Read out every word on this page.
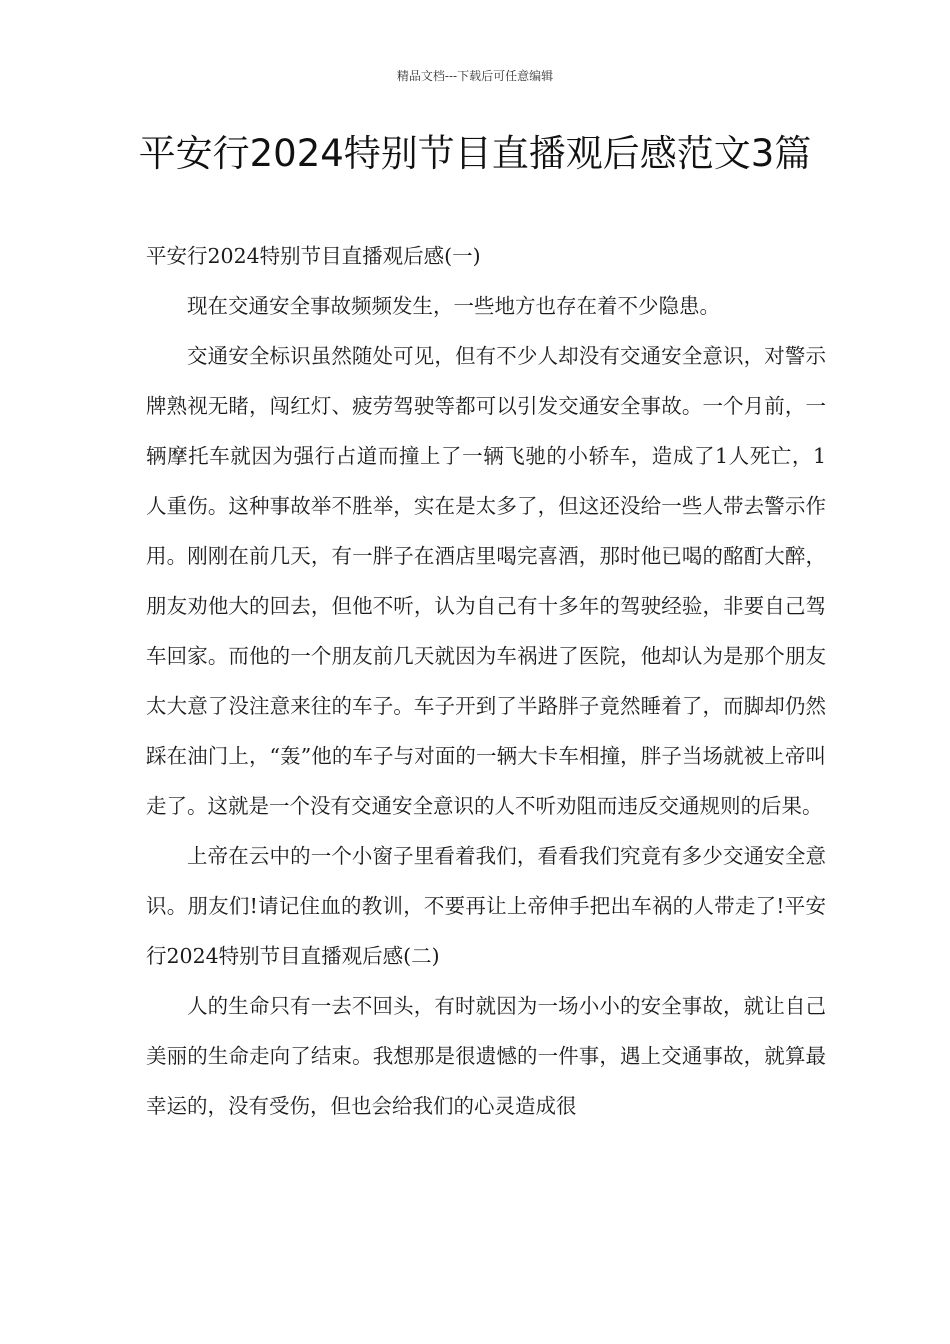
精品文档---下载后可任意编辑
平安行2024特别节目直播观后感范文3篇

平安行2024特别节目直播观后感(一)

现在交通安全事故频频发生，一些地方也存在着不少隐患。

交通安全标识虽然随处可见，但有不少人却没有交通安全意识，对警示牌熟视无睹，闯红灯、疲劳驾驶等都可以引发交通安全事故。一个月前，一辆摩托车就因为强行占道而撞上了一辆飞驰的小轿车，造成了1人死亡，1人重伤。这种事故举不胜举，实在是太多了，但这还没给一些人带去警示作用。刚刚在前几天，有一胖子在酒店里喝完喜酒，那时他已喝的酩酊大醉，朋友劝他大的回去，但他不听，认为自己有十多年的驾驶经验，非要自己驾车回家。而他的一个朋友前几天就因为车祸进了医院，他却认为是那个朋友太大意了没注意来往的车子。车子开到了半路胖子竟然睡着了，而脚却仍然踩在油门上，“轰”他的车子与对面的一辆大卡车相撞，胖子当场就被上帝叫走了。这就是一个没有交通安全意识的人不听劝阻而违反交通规则的后果。

上帝在云中的一个小窗子里看着我们，看看我们究竟有多少交通安全意识。朋友们!请记住血的教训，不要再让上帝伸手把出车祸的人带走了!平安行2024特别节目直播观后感(二)

人的生命只有一去不回头，有时就因为一场小小的安全事故，就让自己美丽的生命走向了结束。我想那是很遗憾的一件事，遇上交通事故，就算最幸运的，没有受伤，但也会给我们的心灵造成很
